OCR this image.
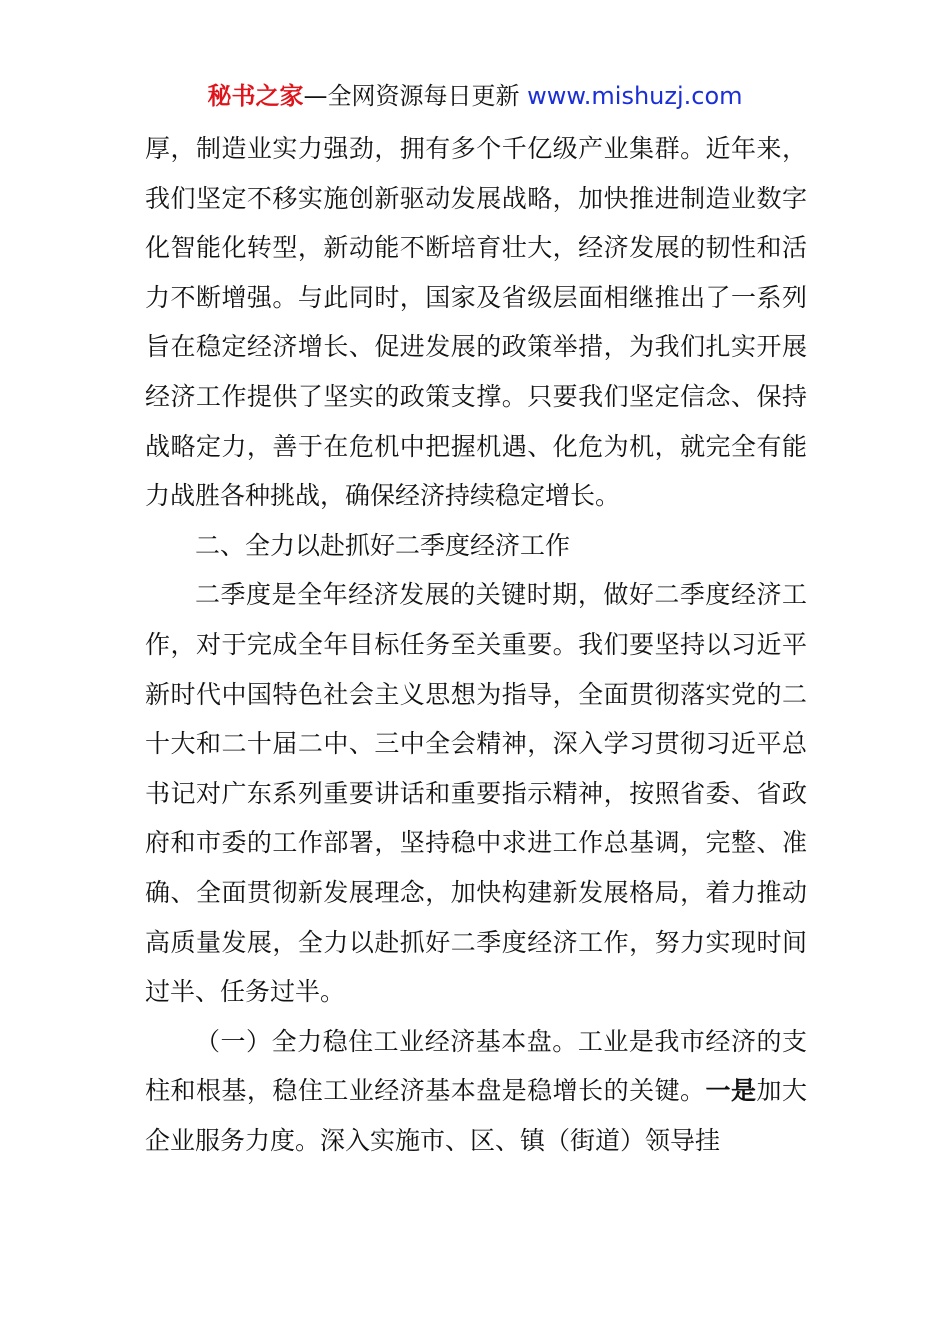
秘书之家—全网资源每日更新 www.mishuzj.com

厚，制造业实力强劲，拥有多个千亿级产业集群。近年来，我们坚定不移实施创新驱动发展战略，加快推进制造业数字化智能化转型，新动能不断培育壮大，经济发展的韧性和活力不断增强。与此同时，国家及省级层面相继推出了一系列旨在稳定经济增长、促进发展的政策举措，为我们扎实开展经济工作提供了坚实的政策支撑。只要我们坚定信念、保持战略定力，善于在危机中把握机遇、化危为机，就完全有能力战胜各种挑战，确保经济持续稳定增长。

二、全力以赴抓好二季度经济工作

二季度是全年经济发展的关键时期，做好二季度经济工作，对于完成全年目标任务至关重要。我们要坚持以习近平新时代中国特色社会主义思想为指导，全面贯彻落实党的二十大和二十届二中、三中全会精神，深入学习贯彻习近平总书记对广东系列重要讲话和重要指示精神，按照省委、省政府和市委的工作部署，坚持稳中求进工作总基调，完整、准确、全面贯彻新发展理念，加快构建新发展格局，着力推动高质量发展，全力以赴抓好二季度经济工作，努力实现时间过半、任务过半。

（一）全力稳住工业经济基本盘。工业是我市经济的支柱和根基，稳住工业经济基本盘是稳增长的关键。一是加大企业服务力度。深入实施市、区、镇（街道）领导挂
